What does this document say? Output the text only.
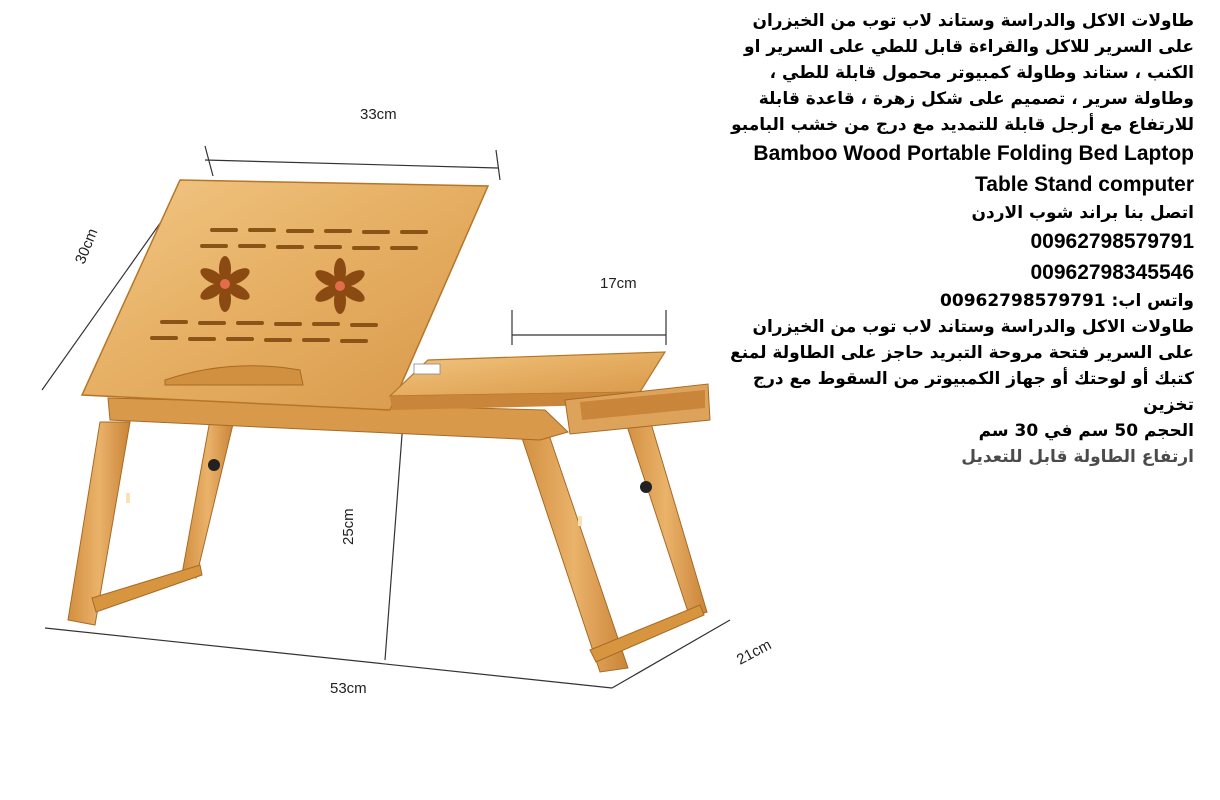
33cm
30cm
17cm
25cm
53cm
21cm

طاولات الاكل والدراسة وستاند لاب توب من الخيزران على السرير للاكل والقراءة قابل للطي على السرير او الكنب ، ستاند وطاولة كمبيوتر محمول قابلة للطي ، وطاولة سرير ، تصميم على شكل زهرة ، قاعدة قابلة للارتفاع مع أرجل قابلة للتمديد مع درج من خشب البامبو

Bamboo Wood Portable Folding Bed Laptop Table Stand computer

اتصل بنا براند شوب الاردن

00962798579791

00962798345546

واتس اب: 00962798579791

طاولات الاكل والدراسة وستاند لاب توب من الخيزران على السرير فتحة مروحة التبريد حاجز على الطاولة لمنع كتبك أو لوحتك أو جهاز الكمبيوتر من السقوط مع درج تخزين

الحجم 50 سم في 30 سم

ارتفاع الطاولة قابل للتعديل
